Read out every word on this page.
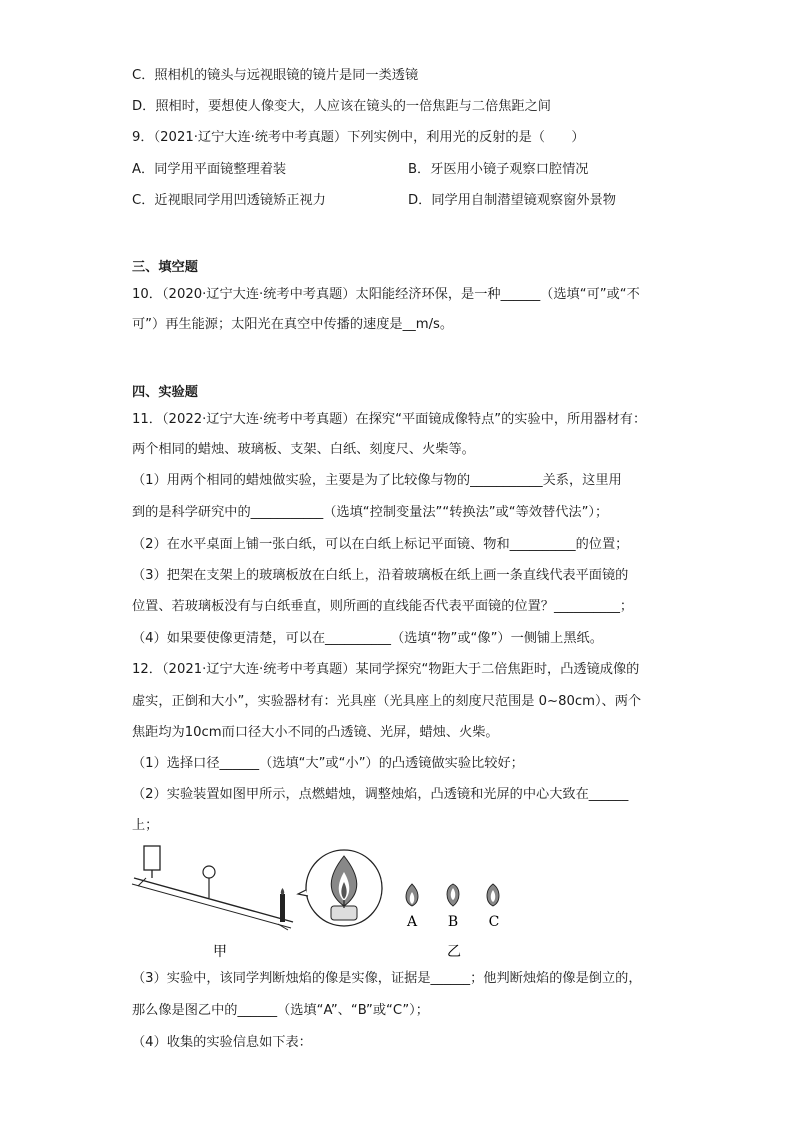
C．照相机的镜头与远视眼镜的镜片是同一类透镜
D．照相时，要想使人像变大，人应该在镜头的一倍焦距与二倍焦距之间
9．（2021·辽宁大连·统考中考真题）下列实例中，利用光的反射的是（　　）
A．同学用平面镜整理着装	B．牙医用小镜子观察口腔情况
C．近视眼同学用凹透镜矫正视力	D．同学用自制潜望镜观察窗外景物
三、填空题
10．（2020·辽宁大连·统考中考真题）太阳能经济环保，是一种______（选填“可”或“不
可”）再生能源；太阳光在真空中传播的速度是__m/s。
四、实验题
11．（2022·辽宁大连·统考中考真题）在探究“平面镜成像特点”的实验中，所用器材有：
两个相同的蜡烛、玻璃板、支架、白纸、刻度尺、火柴等。
（1）用两个相同的蜡烛做实验，主要是为了比较像与物的___________关系，这里用
到的是科学研究中的___________（选填“控制变量法”“转换法”或“等效替代法”）；
（2）在水平桌面上铺一张白纸，可以在白纸上标记平面镜、物和__________的位置；
（3）把架在支架上的玻璃板放在白纸上，沿着玻璃板在纸上画一条直线代表平面镜的
位置、若玻璃板没有与白纸垂直，则所画的直线能否代表平面镜的位置？__________；
（4）如果要使像更清楚，可以在__________（选填“物”或“像”）一侧铺上黑纸。
12．（2021·辽宁大连·统考中考真题）某同学探究“物距大于二倍焦距时，凸透镜成像的
虚实，正倒和大小”，实验器材有：光具座（光具座上的刻度尺范围是 0~80cm）、两个
焦距均为10cm而口径大小不同的凸透镜、光屏，蜡烛、火柴。
（1）选择口径______（选填“大”或“小”）的凸透镜做实验比较好；
（2）实验装置如图甲所示，点燃蜡烛，调整烛焰，凸透镜和光屏的中心大致在______
上；
A B C
甲	乙
（3）实验中，该同学判断烛焰的像是实像，证据是______；他判断烛焰的像是倒立的，
那么像是图乙中的______（选填“A”、“B”或“C”）；
（4）收集的实验信息如下表：
